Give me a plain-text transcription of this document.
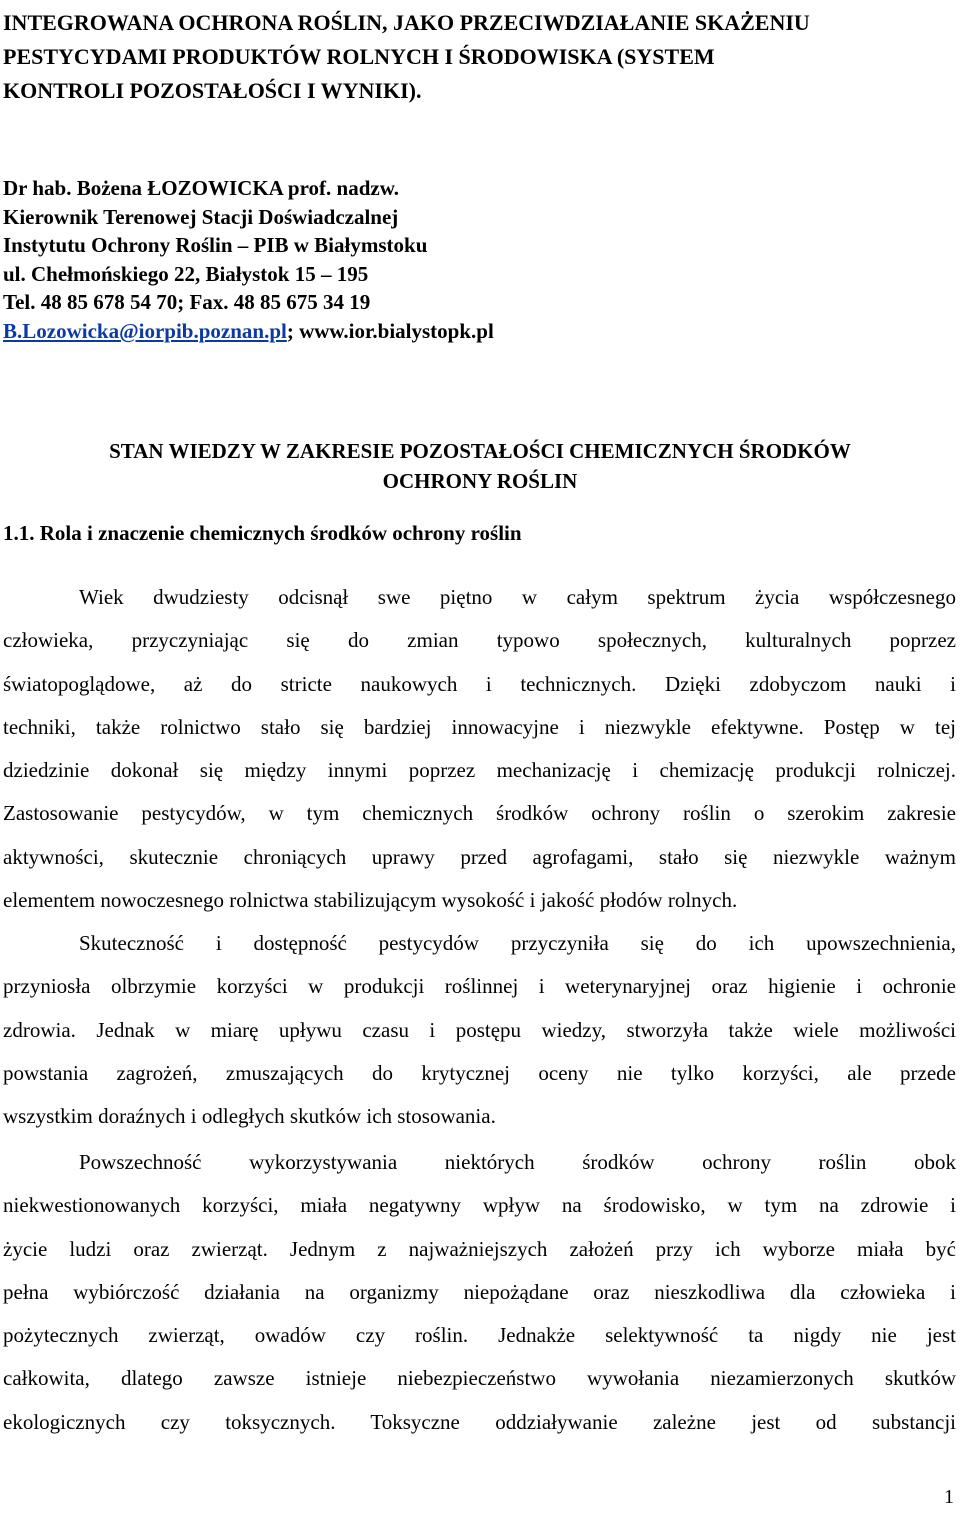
INTEGROWANA OCHRONA ROŚLIN, JAKO PRZECIWDZIAŁANIE SKAŻENIU
PESTYCYDAMI PRODUKTÓW ROLNYCH I ŚRODOWISKA (SYSTEM
KONTROLI POZOSTAŁOŚCI I WYNIKI).
Dr hab. Bożena ŁOZOWICKA prof. nadzw.
Kierownik Terenowej Stacji Doświadczalnej
Instytutu Ochrony Roślin – PIB w Białymstoku
ul. Chełmońskiego 22, Białystok 15 – 195
Tel. 48 85 678 54 70; Fax. 48 85 675 34 19
B.Lozowicka@iorpib.poznan.pl; www.ior.bialystopk.pl
STAN WIEDZY W ZAKRESIE POZOSTAŁOŚCI CHEMICZNYCH ŚRODKÓW
OCHRONY ROŚLIN
1.1. Rola i znaczenie chemicznych środków ochrony roślin

Wiek dwudziesty odcisnął swe piętno w całym spektrum życia współczesnego
człowieka, przyczyniając się do zmian typowo społecznych, kulturalnych poprzez
światopoglądowe, aż do stricte naukowych i technicznych. Dzięki zdobyczom nauki i
techniki, także rolnictwo stało się bardziej innowacyjne i niezwykle efektywne. Postęp w tej
dziedzinie dokonał się między innymi poprzez mechanizację i chemizację produkcji rolniczej.
Zastosowanie pestycydów, w tym chemicznych środków ochrony roślin o szerokim zakresie
aktywności, skutecznie chroniących uprawy przed agrofagami, stało się niezwykle ważnym
elementem nowoczesnego rolnictwa stabilizującym wysokość i jakość płodów rolnych.

Skuteczność i dostępność pestycydów przyczyniła się do ich upowszechnienia,
przyniosła olbrzymie korzyści w produkcji roślinnej i weterynaryjnej oraz higienie i ochronie
zdrowia. Jednak w miarę upływu czasu i postępu wiedzy, stworzyła także wiele możliwości
powstania zagrożeń, zmuszających do krytycznej oceny nie tylko korzyści, ale przede
wszystkim doraźnych i odległych skutków ich stosowania.

Powszechność wykorzystywania niektórych środków ochrony roślin obok
niekwestionowanych korzyści, miała negatywny wpływ na środowisko, w tym na zdrowie i
życie ludzi oraz zwierząt. Jednym z najważniejszych założeń przy ich wyborze miała być
pełna wybiórczość działania na organizmy niepożądane oraz nieszkodliwa dla człowieka i
pożytecznych zwierząt, owadów czy roślin. Jednakże selektywność ta nigdy nie jest
całkowita, dlatego zawsze istnieje niebezpieczeństwo wywołania niezamierzonych skutków
ekologicznych czy toksycznych. Toksyczne oddziaływanie zależne jest od substancji

1
